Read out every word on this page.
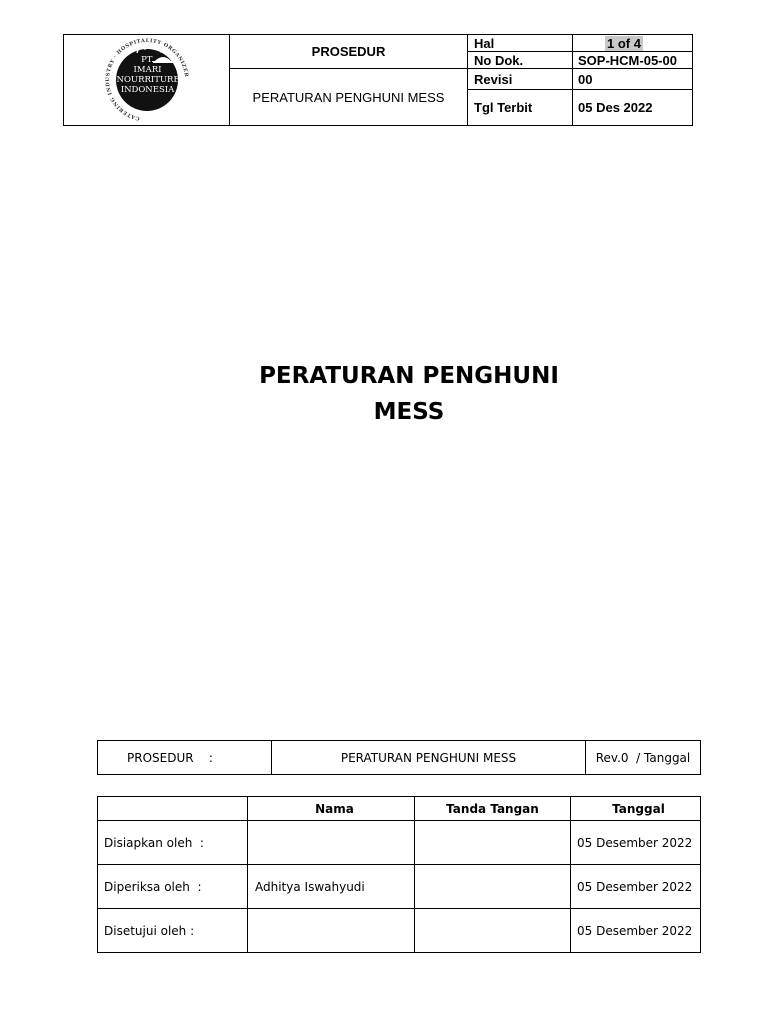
CATERING INDUSTRY · HOSPITALITY ORGANIZER
PT.
IMARI
NOURRITURE
INDONESIA	PROSEDUR	Hal	1 of 4
		No Dok.	SOP-HCM-05-00
	PERATURAN PENGHUNI MESS	Revisi	00
		Tgl Terbit	05 Des 2022
PERATURAN PENGHUNI
MESS
PROSEDUR    :	PERATURAN PENGHUNI MESS	Rev.0  / Tanggal
	Nama	Tanda Tangan	Tanggal
Disiapkan oleh  :			05 Desember 2022
Diperiksa oleh  :	Adhitya Iswahyudi		05 Desember 2022
Disetujui oleh :			05 Desember 2022
